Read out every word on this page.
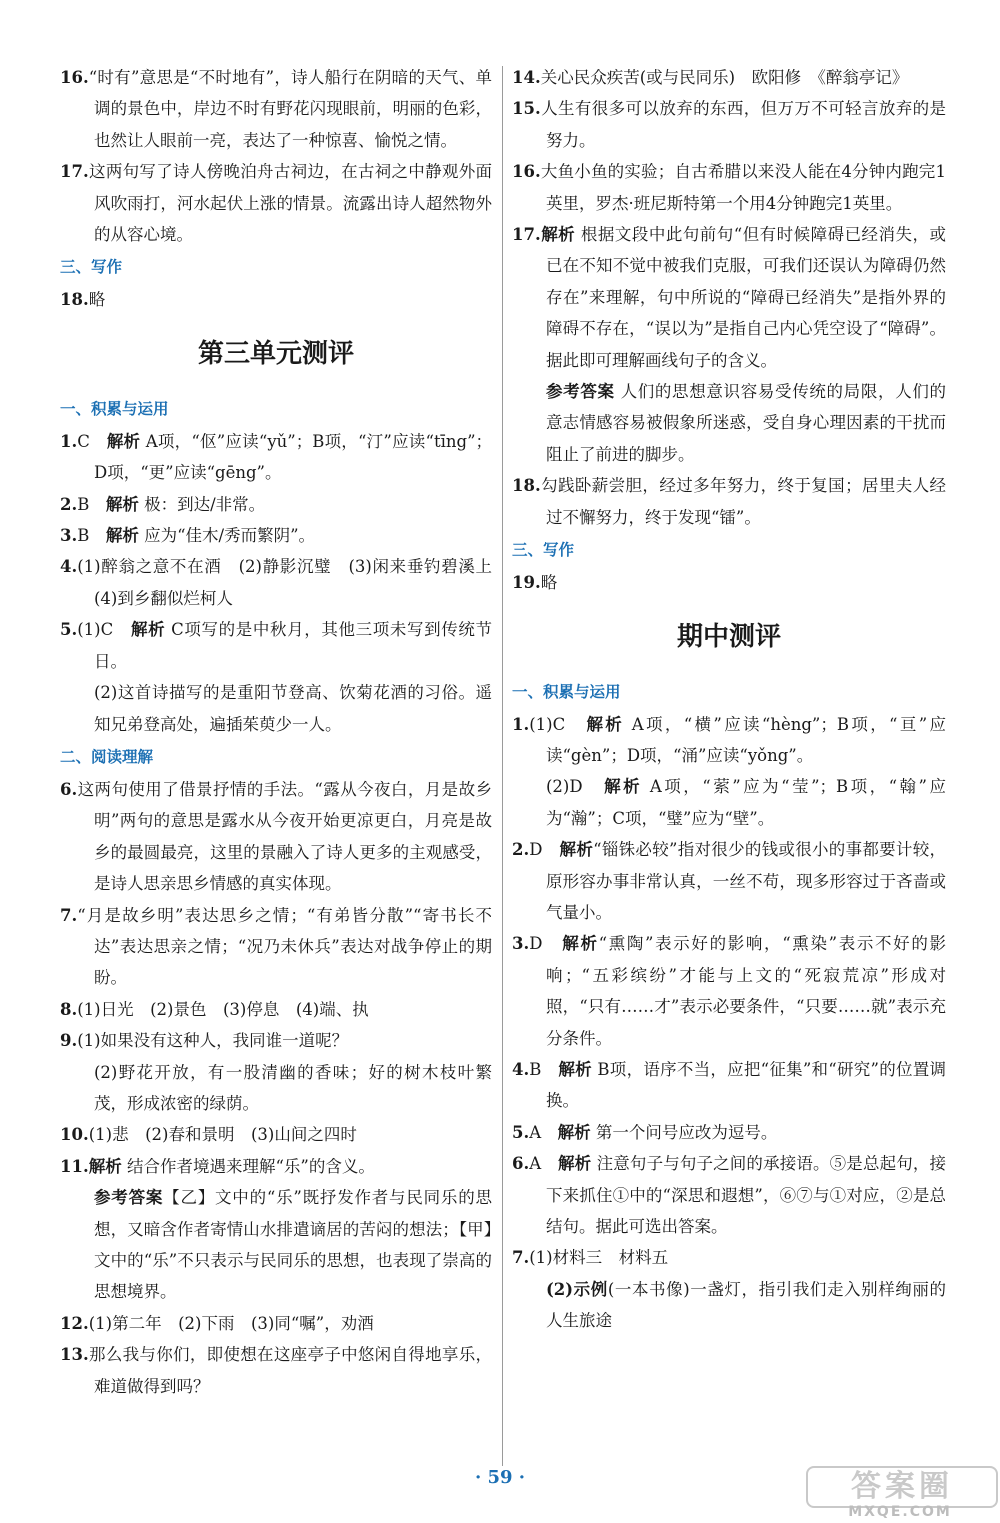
16.“时有”意思是“不时地有”，诗人船行在阴暗的天气、单调的景色中，岸边不时有野花闪现眼前，明丽的色彩，也然让人眼前一亮，表达了一种惊喜、愉悦之情。

17.这两句写了诗人傍晚泊舟古祠边，在古祠之中静观外面风吹雨打，河水起伏上涨的情景。流露出诗人超然物外的从容心境。

三、写作

18.略

第三单元测评

一、积累与运用

1.C　解析 A项，“伛”应读“yǔ”；B项，“汀”应读“tīng”；D项，“更”应读“gēng”。

2.B　解析 极：到达/非常。

3.B　解析 应为“佳木/秀而繁阴”。

4.(1)醉翁之意不在酒　(2)静影沉璧　(3)闲来垂钓碧溪上　(4)到乡翻似烂柯人

5.(1)C　解析 C项写的是中秋月，其他三项未写到传统节日。

(2)这首诗描写的是重阳节登高、饮菊花酒的习俗。遥知兄弟登高处，遍插茱萸少一人。

二、阅读理解

6.这两句使用了借景抒情的手法。“露从今夜白，月是故乡明”两句的意思是露水从今夜开始更凉更白，月亮是故乡的最圆最亮，这里的景融入了诗人更多的主观感受，是诗人思亲思乡情感的真实体现。

7.“月是故乡明”表达思乡之情；“有弟皆分散”“寄书长不达”表达思亲之情；“况乃未休兵”表达对战争停止的期盼。

8.(1)日光　(2)景色　(3)停息　(4)端、执

9.(1)如果没有这种人，我同谁一道呢？

(2)野花开放，有一股清幽的香味；好的树木枝叶繁茂，形成浓密的绿荫。

10.(1)悲　(2)春和景明　(3)山间之四时

11.解析 结合作者境遇来理解“乐”的含义。

参考答案【乙】文中的“乐”既抒发作者与民同乐的思想，又暗含作者寄情山水排遣谪居的苦闷的想法；【甲】文中的“乐”不只表示与民同乐的思想，也表现了崇高的思想境界。

12.(1)第二年　(2)下雨　(3)同“嘱”，劝酒

13.那么我与你们，即使想在这座亭子中悠闲自得地享乐，难道做得到吗？

14.关心民众疾苦(或与民同乐)　欧阳修　《醉翁亭记》

15.人生有很多可以放弃的东西，但万万不可轻言放弃的是努力。

16.大鱼小鱼的实验；自古希腊以来没人能在4分钟内跑完1英里，罗杰·班尼斯特第一个用4分钟跑完1英里。

17.解析 根据文段中此句前句“但有时候障碍已经消失，或已在不知不觉中被我们克服，可我们还误认为障碍仍然存在”来理解，句中所说的“障碍已经消失”是指外界的障碍不存在，“误以为”是指自己内心凭空设了“障碍”。据此即可理解画线句子的含义。

参考答案 人们的思想意识容易受传统的局限，人们的意志情感容易被假象所迷惑，受自身心理因素的干扰而阻止了前进的脚步。

18.勾践卧薪尝胆，经过多年努力，终于复国；居里夫人经过不懈努力，终于发现“镭”。

三、写作

19.略

期中测评

一、积累与运用

1.(1)C　解析 A项，“横”应读“hèng”；B项，“亘”应读“gèn”；D项，“涌”应读“yǒng”。

(2)D　解析 A项，“萦”应为“莹”；B项，“翰”应为“瀚”；C项，“璧”应为“壁”。

2.D　解析“锱铢必较”指对很少的钱或很小的事都要计较，原形容办事非常认真，一丝不苟，现多形容过于吝啬或气量小。

3.D　解析“熏陶”表示好的影响，“熏染”表示不好的影响；“五彩缤纷”才能与上文的“死寂荒凉”形成对照，“只有……才”表示必要条件，“只要……就”表示充分条件。

4.B　解析 B项，语序不当，应把“征集”和“研究”的位置调换。

5.A　解析 第一个问号应改为逗号。

6.A　解析 注意句子与句子之间的承接语。⑤是总起句，接下来抓住①中的“深思和遐想”，⑥⑦与①对应，②是总结句。据此可选出答案。

7.(1)材料三　材料五

(2)示例(一本书像)一盏灯，指引我们走入别样绚丽的人生旅途

· 59 ·	答案圈
MXQE.COM
